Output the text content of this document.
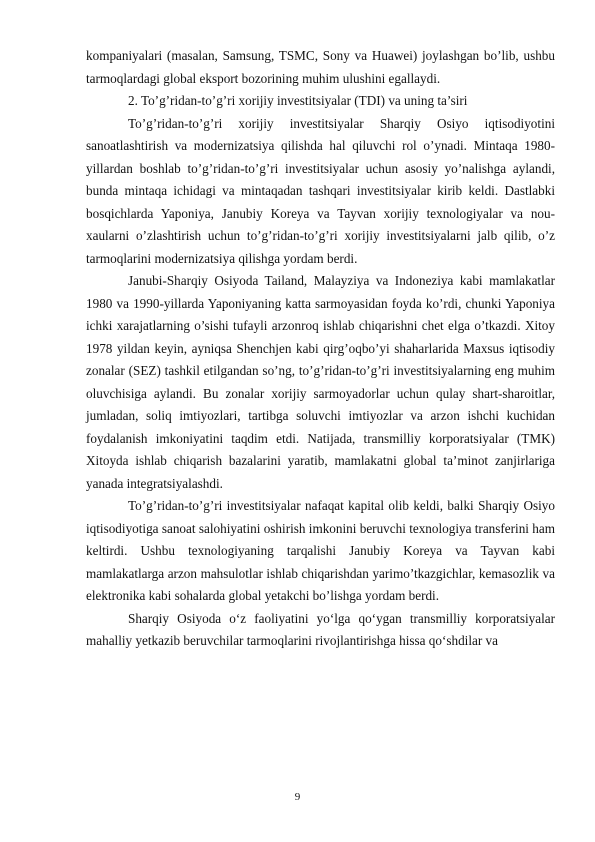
kompaniyalari (masalan, Samsung, TSMC, Sony va Huawei) joylashgan bo’lib, ushbu tarmoqlardagi global eksport bozorining muhim ulushini egallaydi.

2. To’g’ridan-to’g’ri xorijiy investitsiyalar (TDI) va uning ta’siri

To’g’ridan-to’g’ri xorijiy investitsiyalar Sharqiy Osiyo iqtisodiyotini sanoatlashtirish va modernizatsiya qilishda hal qiluvchi rol o’ynadi. Mintaqa 1980-yillardan boshlab to’g’ridan-to’g’ri investitsiyalar uchun asosiy yo’nalishga aylandi, bunda mintaqa ichidagi va mintaqadan tashqari investitsiyalar kirib keldi. Dastlabki bosqichlarda Yaponiya, Janubiy Koreya va Tayvan xorijiy texnologiyalar va nou-xaularni o’zlashtirish uchun to’g’ridan-to’g’ri xorijiy investitsiyalarni jalb qilib, o’z tarmoqlarini modernizatsiya qilishga yordam berdi.

Janubi-Sharqiy Osiyoda Tailand, Malayziya va Indoneziya kabi mamlakatlar 1980 va 1990-yillarda Yaponiyaning katta sarmoyasidan foyda ko’rdi, chunki Yaponiya ichki xarajatlarning o’sishi tufayli arzonroq ishlab chiqarishni chet elga o’tkazdi. Xitoy 1978 yildan keyin, ayniqsa Shenchjen kabi qirg’oqbo’yi shaharlarida Maxsus iqtisodiy zonalar (SEZ) tashkil etilgandan so’ng, to’g’ridan-to’g’ri investitsiyalarning eng muhim oluvchisiga aylandi. Bu zonalar xorijiy sarmoyadorlar uchun qulay shart-sharoitlar, jumladan, soliq imtiyozlari, tartibga soluvchi imtiyozlar va arzon ishchi kuchidan foydalanish imkoniyatini taqdim etdi. Natijada, transmilliy korporatsiyalar (TMK) Xitoyda ishlab chiqarish bazalarini yaratib, mamlakatni global ta’minot zanjirlariga yanada integratsiyalashdi.

To’g’ridan-to’g’ri investitsiyalar nafaqat kapital olib keldi, balki Sharqiy Osiyo iqtisodiyotiga sanoat salohiyatini oshirish imkonini beruvchi texnologiya transferini ham keltirdi. Ushbu texnologiyaning tarqalishi Janubiy Koreya va Tayvan kabi mamlakatlarga arzon mahsulotlar ishlab chiqarishdan yarimo’tkazgichlar, kemasozlik va elektronika kabi sohalarda global yetakchi bo’lishga yordam berdi.

Sharqiy Osiyoda o‘z faoliyatini yo‘lga qo‘ygan transmilliy korporatsiyalar mahalliy yetkazib beruvchilar tarmoqlarini rivojlantirishga hissa qo‘shdilar va

9
